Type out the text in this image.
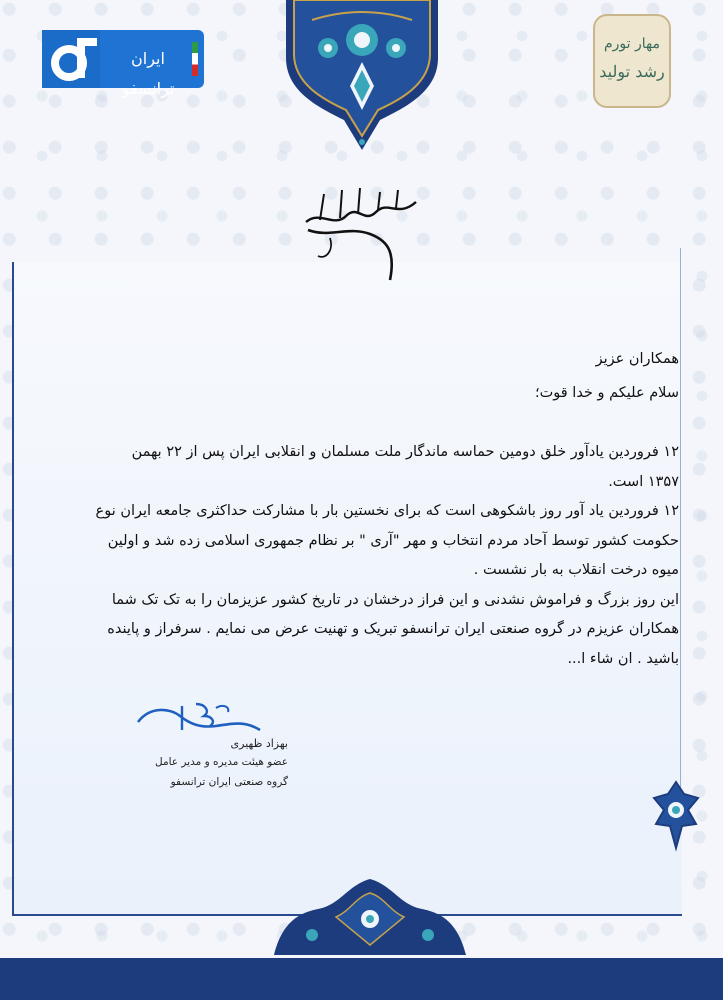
ایران ترانسفو
مهار تورم
رشد تولید
همکاران عزیز
سلام علیکم و خدا قوت؛
۱۲ فروردین یادآور خلق دومین حماسه ماندگار ملت مسلمان و انقلابی ایران پس از ۲۲ بهمن
۱۳۵۷ است.
۱۲ فروردین یاد آور روز باشکوهی است که برای نخستین بار با مشارکت حداکثری جامعه ایران نوع
حکومت کشور توسط آحاد مردم انتخاب و مهر "آری " بر نظام جمهوری اسلامی زده شد و اولین
میوه درخت انقلاب به بار نشست .
این روز بزرگ و فراموش نشدنی و این فراز درخشان در تاریخ کشور عزیزمان را به تک تک شما
همکاران عزیزم در گروه صنعتی ایران ترانسفو تبریک و تهنیت عرض می نمایم . سرفراز و پاینده
باشید . ان شاء ا...
بهزاد ظهیری
عضو هیئت مدیره و مدیر عامل
گروه صنعتی ایران ترانسفو
